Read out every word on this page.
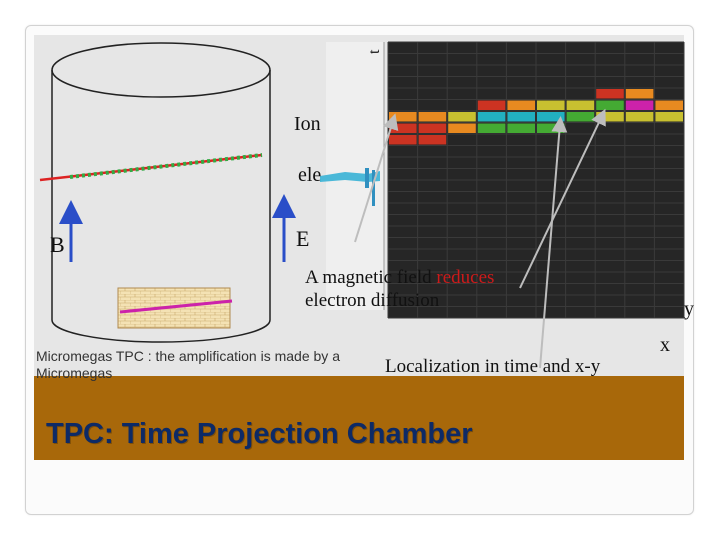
TPC: Time Projection Chamber
Micromegas TPC : the amplification is made by a Micromegas	Localization in time and x-y
A magnetic field reduces
electron diffusion	y
x
B	E
Ion
ele
t
